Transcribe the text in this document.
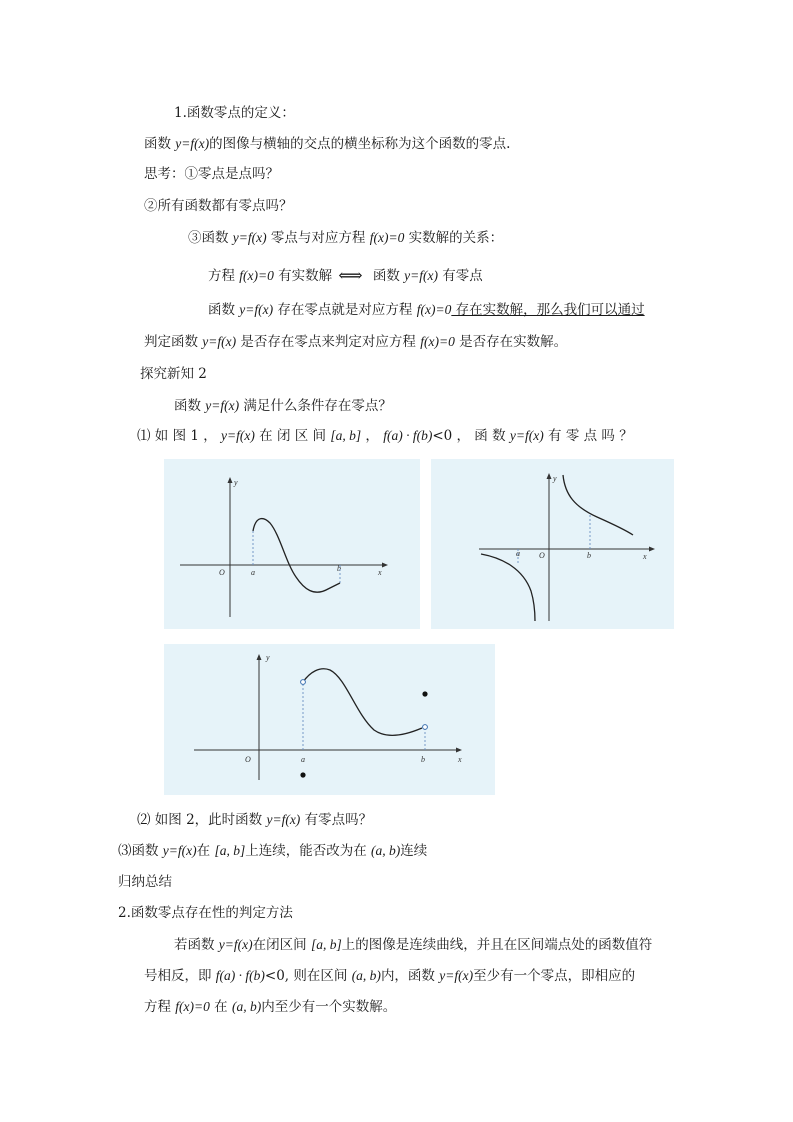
1.函数零点的定义：
函数 y=f(x)的图像与横轴的交点的横坐标称为这个函数的零点.
思考：①零点是点吗？
②所有函数都有零点吗？
③函数 y=f(x) 零点与对应方程 f(x)=0 实数解的关系：
方程 f(x)=0 有实数解 ⟺ 函数 y=f(x) 有零点
函数 y=f(x) 存在零点就是对应方程 f(x)=0 存在实数解，那么我们可以通过
判定函数 y=f(x) 是否存在零点来判定对应方程 f(x)=0 是否存在实数解。
探究新知 2
函数 y=f(x) 满足什么条件存在零点？
⑴ 如 图 1 ， y=f(x) 在 闭 区 间 [a, b] ， f(a) · f(b)<0 ， 函 数 y=f(x) 有 零 点 吗 ？
y
x
O	a	b
y
x
O
a	b
y
x
O	a	b
⑵ 如图 2，此时函数 y=f(x) 有零点吗？
⑶函数 y=f(x)在 [a, b]上连续，能否改为在 (a, b)连续
归纳总结
2.函数零点存在性的判定方法
若函数 y=f(x)在闭区间 [a, b]上的图像是连续曲线，并且在区间端点处的函数值符
号相反，即 f(a) · f(b)<0, 则在区间 (a, b)内，函数 y=f(x)至少有一个零点，即相应的
方程 f(x)=0 在 (a, b)内至少有一个实数解。
